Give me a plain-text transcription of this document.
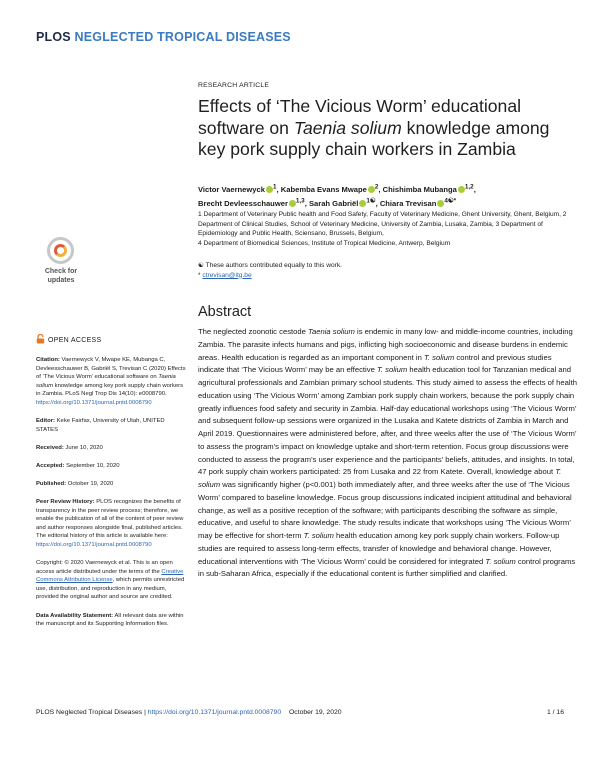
PLOS NEGLECTED TROPICAL DISEASES
RESEARCH ARTICLE
Effects of ‘The Vicious Worm’ educational software on Taenia solium knowledge among key pork supply chain workers in Zambia
Victor Vaernewyck $^1$, Kabemba Evans Mwape $^2$, Chishimba Mubanga $^{1,2}$,
Brecht Devleesschauwer $^{1,3}$, Sarah Gabriël $^{1☯}$, Chiara Trevisan $^{4☯*}$

1 Department of Veterinary Public health and Food Safety, Faculty of Veterinary Medicine, Ghent University, Ghent, Belgium, 2 Department of Clinical Studies, School of Veterinary Medicine, University of Zambia, Lusaka, Zambia, 3 Department of Epidemiology and Public Health, Sciensano, Brussels, Belgium,

4 Department of Biomedical Sciences, Institute of Tropical Medicine, Antwerp, Belgium

☯ These authors contributed equally to this work.

* ctrevisan@itg.be

Abstract
The neglected zoonotic cestode Taenia solium is endemic in many low- and middle-income countries, including Zambia. The parasite infects humans and pigs, inflicting high socioeconomic and disease burdens in endemic areas. Health education is regarded as an important component in T. solium control and previous studies indicate that ‘The Vicious Worm’ may be an effective T. solium health education tool for Tanzanian medical and agricultural professionals and Zambian primary school students. This study aimed to assess the effects of health education using ‘The Vicious Worm’ among Zambian pork supply chain workers, because the pork supply chain greatly influences food safety and security in Zambia. Half-day educational workshops using ‘The Vicious Worm’ and subsequent follow-up sessions were organized in the Lusaka and Katete districts of Zambia in March and April 2019. Questionnaires were administered before, after, and three weeks after the use of ‘The Vicious Worm’ to assess the program’s impact on knowledge uptake and short-term retention. Focus group discussions were conducted to assess the program’s user experience and the participants’ beliefs, attitudes, and insights. In total, 47 pork supply chain workers participated: 25 from Lusaka and 22 from Katete. Overall, knowledge about T. solium was significantly higher (p<0.001) both immediately after, and three weeks after the use of ‘The Vicious Worm’ compared to baseline knowledge. Focus group discussions indicated incipient attitudinal and behavioral change, as well as a positive reception of the software; with participants describing the software as simple, educative, and useful to share knowledge. The study results indicate that workshops using ‘The Vicious Worm’ may be effective for short-term T. solium health education among key pork supply chain workers. Follow-up studies are required to assess long-term effects, transfer of knowledge and behavioral change. However, educational interventions with ‘The Vicious Worm’ could be considered for integrated T. solium control programs in sub-Saharan Africa, especially if the educational content is further simplified and clarified.
Check for
updates
OPEN ACCESS

Citation: Vaernewyck V, Mwape KE, Mubanga C, Devleesschauwer B, Gabriël S, Trevisan C (2020) Effects of ‘The Vicious Worm’ educational software on Taenia solium knowledge among key pork supply chain workers in Zambia. PLoS Negl Trop Dis 14(10): e0008790. https://doi.org/10.1371/journal.pntd.0008790

Editor: Keke Fairfax, University of Utah, UNITED STATES

Received: June 10, 2020

Accepted: September 10, 2020

Published: October 19, 2020

Peer Review History: PLOS recognizes the benefits of transparency in the peer review process; therefore, we enable the publication of all of the content of peer review and author responses alongside final, published articles. The editorial history of this article is available here: https://doi.org/10.1371/journal.pntd.0008790

Copyright: © 2020 Vaernewyck et al. This is an open access article distributed under the terms of the Creative Commons Attribution License, which permits unrestricted use, distribution, and reproduction in any medium, provided the original author and source are credited.

Data Availability Statement: All relevant data are within the manuscript and its Supporting Information files.

PLOS Neglected Tropical Diseases | https://doi.org/10.1371/journal.pntd.0008790 October 19, 2020	1 / 16
